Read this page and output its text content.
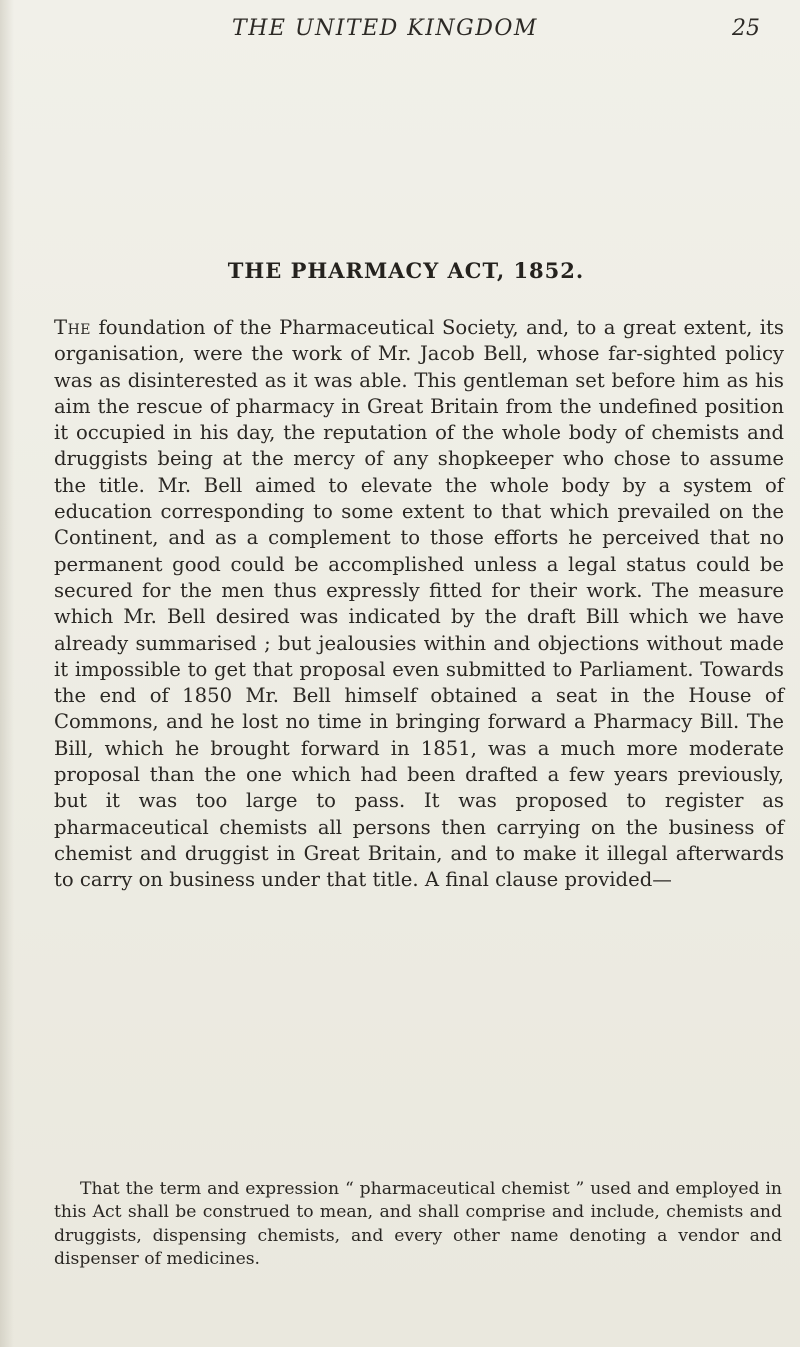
THE UNITED KINGDOM	25
THE PHARMACY ACT, 1852.

The foundation of the Pharmaceutical Society, and, to a great extent, its organisation, were the work of Mr. Jacob Bell, whose far-sighted policy was as disinterested as it was able. This gentleman set before him as his aim the rescue of pharmacy in Great Britain from the undefined position it occupied in his day, the reputation of the whole body of chemists and druggists being at the mercy of any shopkeeper who chose to assume the title. Mr. Bell aimed to elevate the whole body by a system of education corresponding to some extent to that which prevailed on the Continent, and as a complement to those efforts he perceived that no permanent good could be accomplished unless a legal status could be secured for the men thus expressly fitted for their work. The measure which Mr. Bell desired was indicated by the draft Bill which we have already summarised ; but jealousies within and objections without made it impossible to get that proposal even submitted to Parliament. Towards the end of 1850 Mr. Bell himself obtained a seat in the House of Commons, and he lost no time in bringing forward a Pharmacy Bill. The Bill, which he brought forward in 1851, was a much more moderate proposal than the one which had been drafted a few years previously, but it was too large to pass. It was proposed to register as pharmaceutical chemists all persons then carrying on the business of chemist and druggist in Great Britain, and to make it illegal afterwards to carry on business under that title. A final clause provided—

That the term and expression “ pharmaceutical chemist ” used and employed in this Act shall be construed to mean, and shall comprise and include, chemists and druggists, dispensing chemists, and every other name denoting a vendor and dispenser of medicines.
